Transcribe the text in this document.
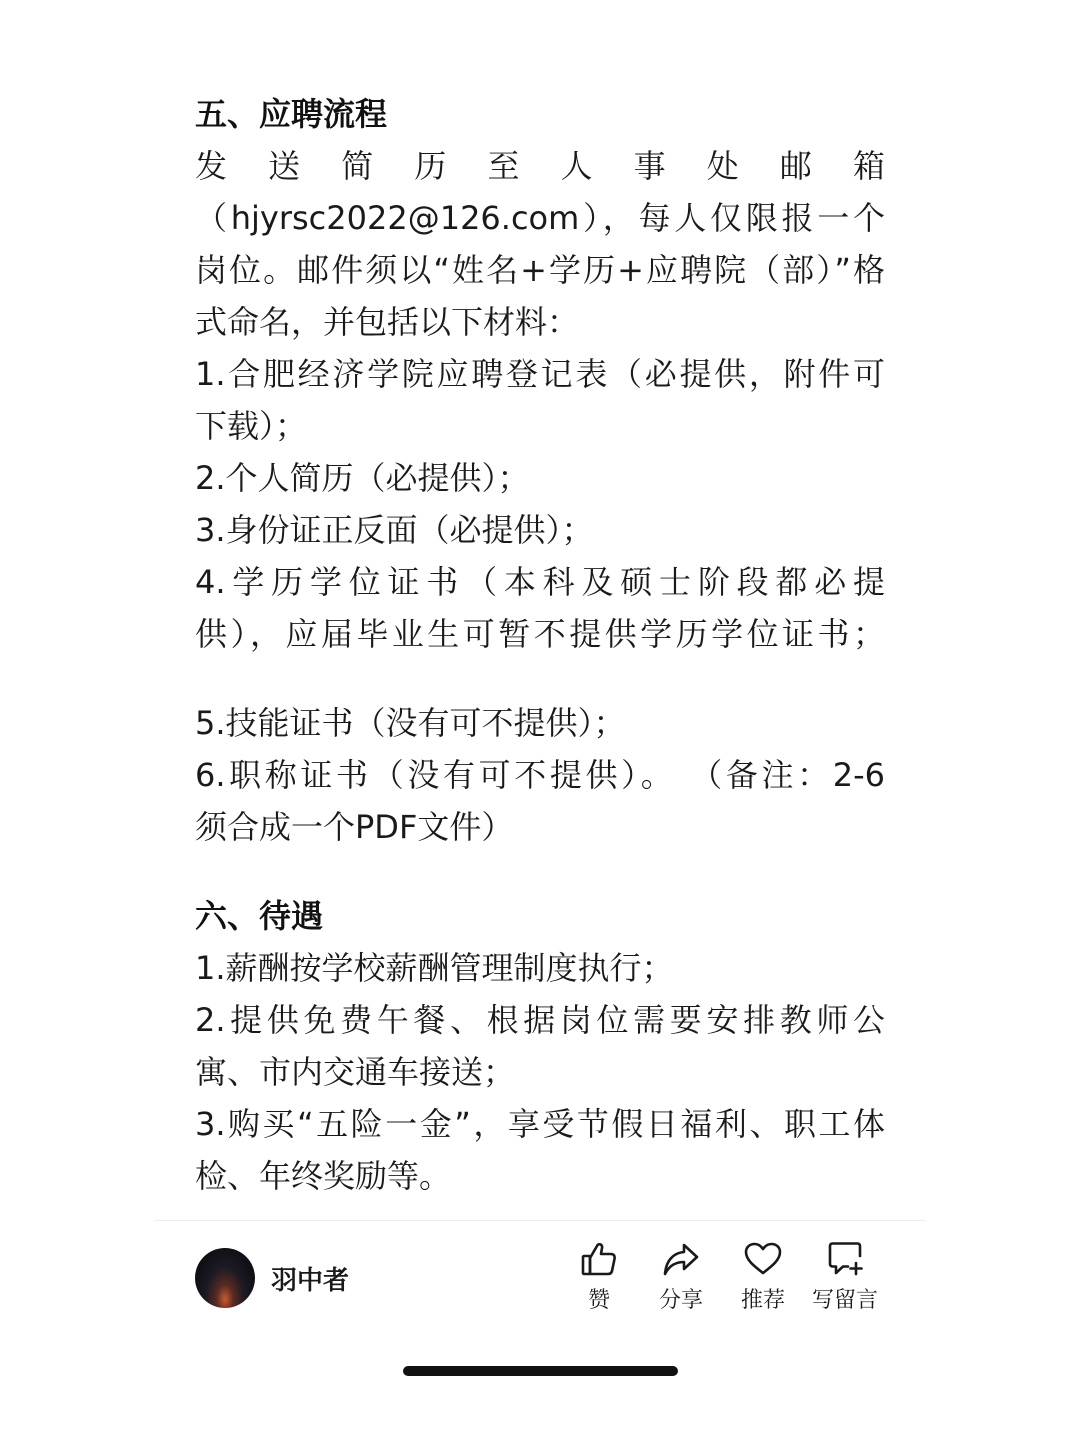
五、应聘流程
发送简历至人事处邮箱
（hjyrsc2022@126.com），每人仅限报一个
岗位。邮件须以“姓名+学历+应聘院（部）”格
式命名，并包括以下材料：
1.合肥经济学院应聘登记表（必提供，附件可
下载）；
2.个人简历（必提供）；
3.身份证正反面（必提供）；
4.学历学位证书（本科及硕士阶段都必提
供），应届毕业生可暂不提供学历学位证书；
5.技能证书（没有可不提供）；
6.职称证书（没有可不提供）。 （备注：2-6
须合成一个PDF文件）
六、待遇
1.薪酬按学校薪酬管理制度执行；
2.提供免费午餐、根据岗位需要安排教师公
寓、市内交通车接送；
3.购买“五险一金”，享受节假日福利、职工体
检、年终奖励等。
羽中者
赞 分享 推荐 写留言
